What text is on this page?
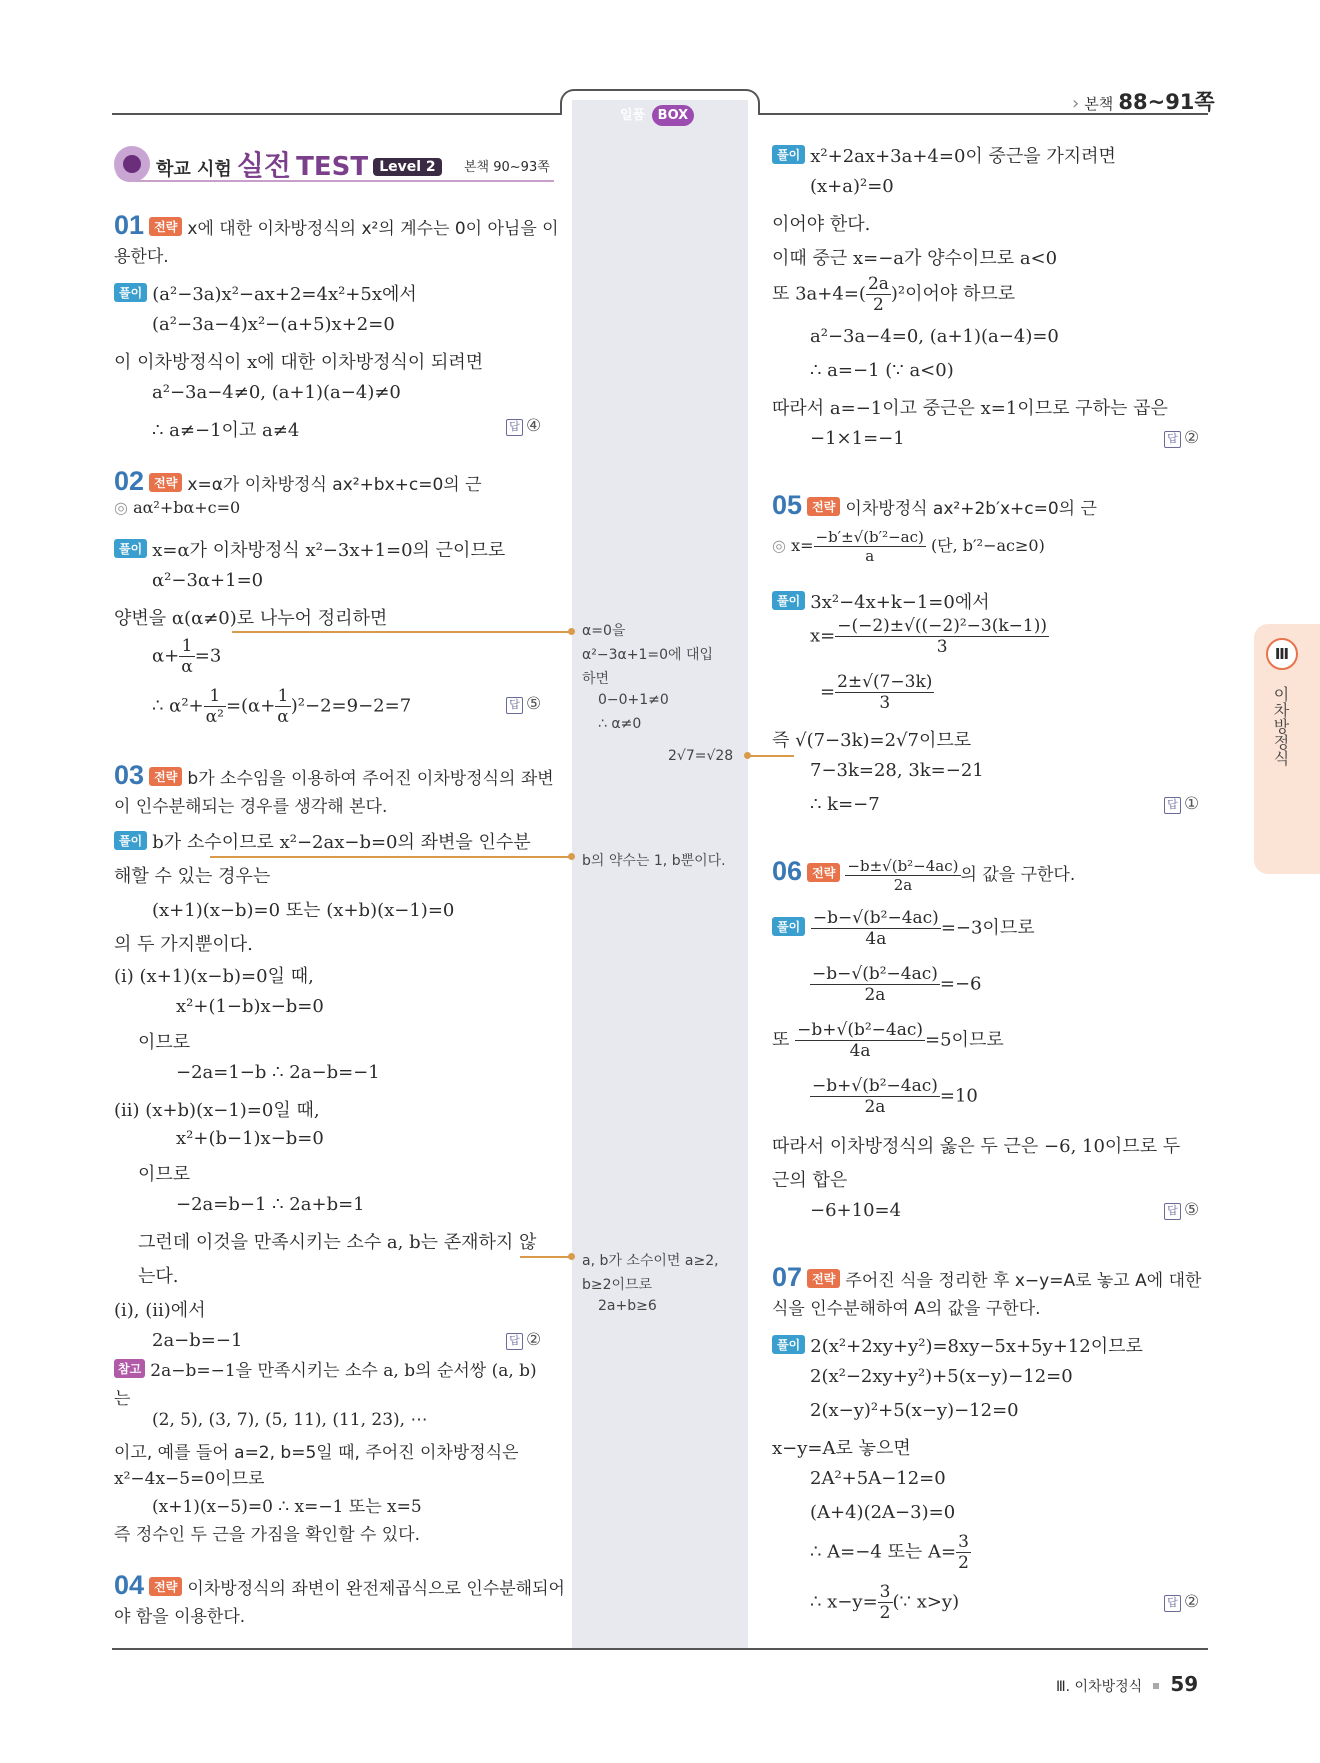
일품 BOX
› 본책 88~91쪽
학교 시험 실전 TEST Level 2	본책 90~93쪽
01 전략 x에 대한 이차방정식의 x²의 계수는 0이 아님을 이
용한다.
풀이 (a²−3a)x²−ax+2=4x²+5x에서
(a²−3a−4)x²−(a+5)x+2=0
이 이차방정식이 x에 대한 이차방정식이 되려면
a²−3a−4≠0, (a+1)(a−4)≠0
∴ a≠−1이고 a≠4	답 ④
02 전략 x=α가 이차방정식 ax²+bx+c=0의 근
◎ aα²+bα+c=0
풀이 x=α가 이차방정식 x²−3x+1=0의 근이므로
α²−3α+1=0
양변을 α(α≠0)로 나누어 정리하면
$\alpha+ \frac{1}{\alpha} =3$
∴ $\alpha^2+ \frac{1}{\text{α²}} =(\alpha+ \frac{1}{\alpha} )^2-2=9-2=7$	답 ⑤
03 전략 b가 소수임을 이용하여 주어진 이차방정식의 좌변
이 인수분해되는 경우를 생각해 본다.
풀이 b가 소수이므로 x²−2ax−b=0의 좌변을 인수분
해할 수 있는 경우는
(x+1)(x−b)=0 또는 (x+b)(x−1)=0
의 두 가지뿐이다.
(i) (x+1)(x−b)=0일 때,
x²+(1−b)x−b=0
이므로
−2a=1−b ∴ 2a−b=−1
(ii) (x+b)(x−1)=0일 때,
x²+(b−1)x−b=0
이므로
−2a=b−1 ∴ 2a+b=1
그런데 이것을 만족시키는 소수 a, b는 존재하지 않
는다.
(i), (ii)에서
2a−b=−1	답 ②
참고 2a−b=−1을 만족시키는 소수 a, b의 순서쌍 (a, b)
는
(2, 5), (3, 7), (5, 11), (11, 23), ⋯
이고, 예를 들어 a=2, b=5일 때, 주어진 이차방정식은
x²−4x−5=0이므로
(x+1)(x−5)=0 ∴ x=−1 또는 x=5
즉 정수인 두 근을 가짐을 확인할 수 있다.
04 전략 이차방정식의 좌변이 완전제곱식으로 인수분해되어
야 함을 이용한다.
α=0을
α²−3α+1=0에 대입
하면
0−0+1≠0
∴ α≠0
2√7=√28
b의 약수는 1, b뿐이다.
a, b가 소수이면 a≥2,
b≥2이므로
2a+b≥6
풀이 x²+2ax+3a+4=0이 중근을 가지려면
(x+a)²=0
이어야 한다.
이때 중근 x=−a가 양수이므로 a<0
또 $3a+4=( \frac{2a}{2} )^2$이어야 하므로
a²−3a−4=0, (a+1)(a−4)=0
∴ a=−1 (∵ a<0)
따라서 a=−1이고 중근은 x=1이므로 구하는 곱은
−1×1=−1	답 ②
05 전략 이차방정식 ax²+2b′x+c=0의 근
◎ $x= \frac{\text{−b′±√(b′²−ac)}}{a}$ (단, b′²−ac≥0)
풀이 3x²−4x+k−1=0에서
$x= \frac{\text{−(−2)±√((−2)²−3(k−1))}}{3}$
= $\frac{2\pm√(7-3k)}{3}$
즉 √(7−3k)=2√7이므로
7−3k=28, 3k=−21
∴ k=−7	답 ①
06 전략 $\frac{\text{−b±√(b²−4ac)}}{2a}$ 의 값을 구한다.
풀이 $\frac{\text{−b−√(b²−4ac)}}{4a} =-3$이므로
$\frac{\text{−b−√(b²−4ac)}}{2a} =-6$
또 $\frac{\text{−b+√(b²−4ac)}}{4a} =5$이므로
$\frac{\text{−b+√(b²−4ac)}}{2a} =10$
따라서 이차방정식의 옳은 두 근은 −6, 10이므로 두
근의 합은
−6+10=4	답 ⑤
07 전략 주어진 식을 정리한 후 x−y=A로 놓고 A에 대한
식을 인수분해하여 A의 값을 구한다.
풀이 2(x²+2xy+y²)=8xy−5x+5y+12이므로
2(x²−2xy+y²)+5(x−y)−12=0
2(x−y)²+5(x−y)−12=0
x−y=A로 놓으면
2A²+5A−12=0
(A+4)(2A−3)=0
∴ A=−4 또는 $A= \frac{3}{2}$
∴ $x-y= \frac{3}{2}$ (∵ x>y)	답 ②
Ⅲ
이차방정식
Ⅲ. 이차방정식 59
